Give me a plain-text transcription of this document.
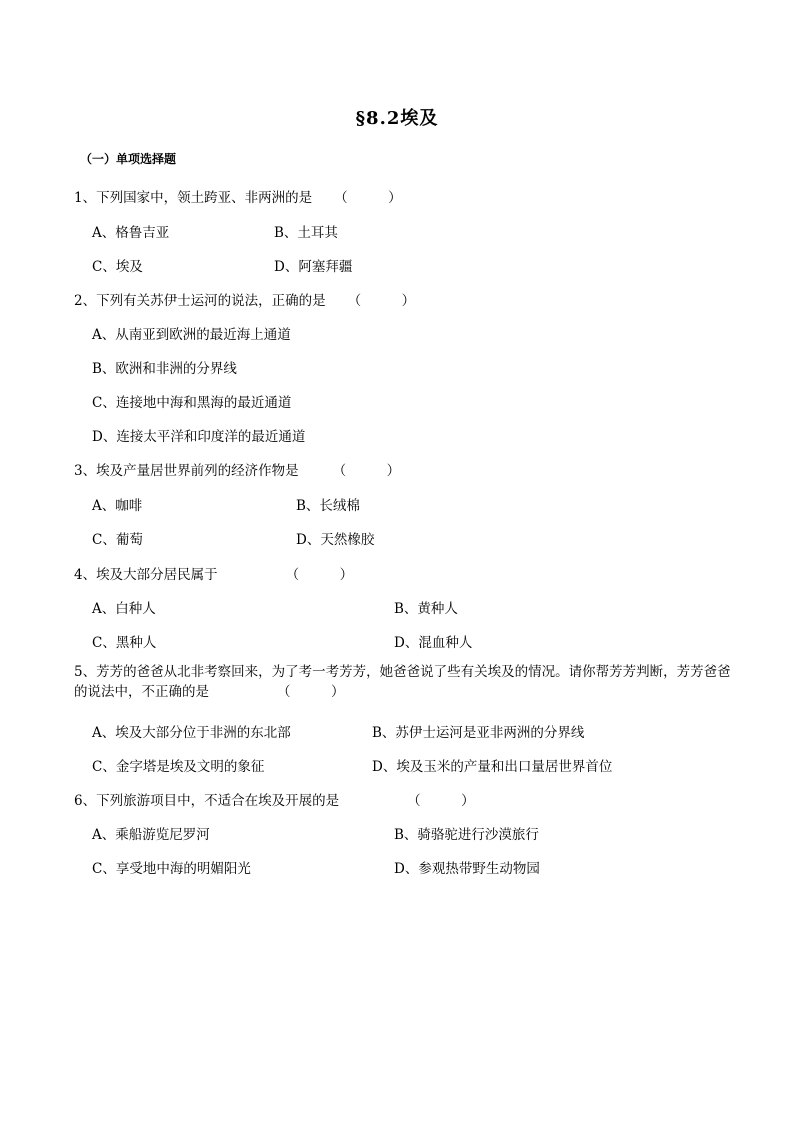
§8.2埃及
（一）单项选择题
1、下列国家中，领土跨亚、非两洲的是 （　　　）
A、格鲁吉亚	B、土耳其
C、埃及	D、阿塞拜疆
2、下列有关苏伊士运河的说法，正确的是 （　　　）
A、从南亚到欧洲的最近海上通道
B、欧洲和非洲的分界线
C、连接地中海和黑海的最近通道
D、连接太平洋和印度洋的最近通道
3、埃及产量居世界前列的经济作物是	（　　　）
A、咖啡	B、长绒棉
C、葡萄	D、天然橡胶
4、埃及大部分居民属于	（　　　）
A、白种人	B、黄种人
C、黑种人	D、混血种人
5、芳芳的爸爸从北非考察回来，为了考一考芳芳，她爸爸说了些有关埃及的情况。请你帮芳芳判断，芳芳爸爸的说法中，不正确的是	（　　　）
A、埃及大部分位于非洲的东北部	B、苏伊士运河是亚非两洲的分界线
C、金字塔是埃及文明的象征	D、埃及玉米的产量和出口量居世界首位
6、下列旅游项目中，不适合在埃及开展的是	（　　　）
A、乘船游览尼罗河	B、骑骆驼进行沙漠旅行
C、享受地中海的明媚阳光	D、参观热带野生动物园
